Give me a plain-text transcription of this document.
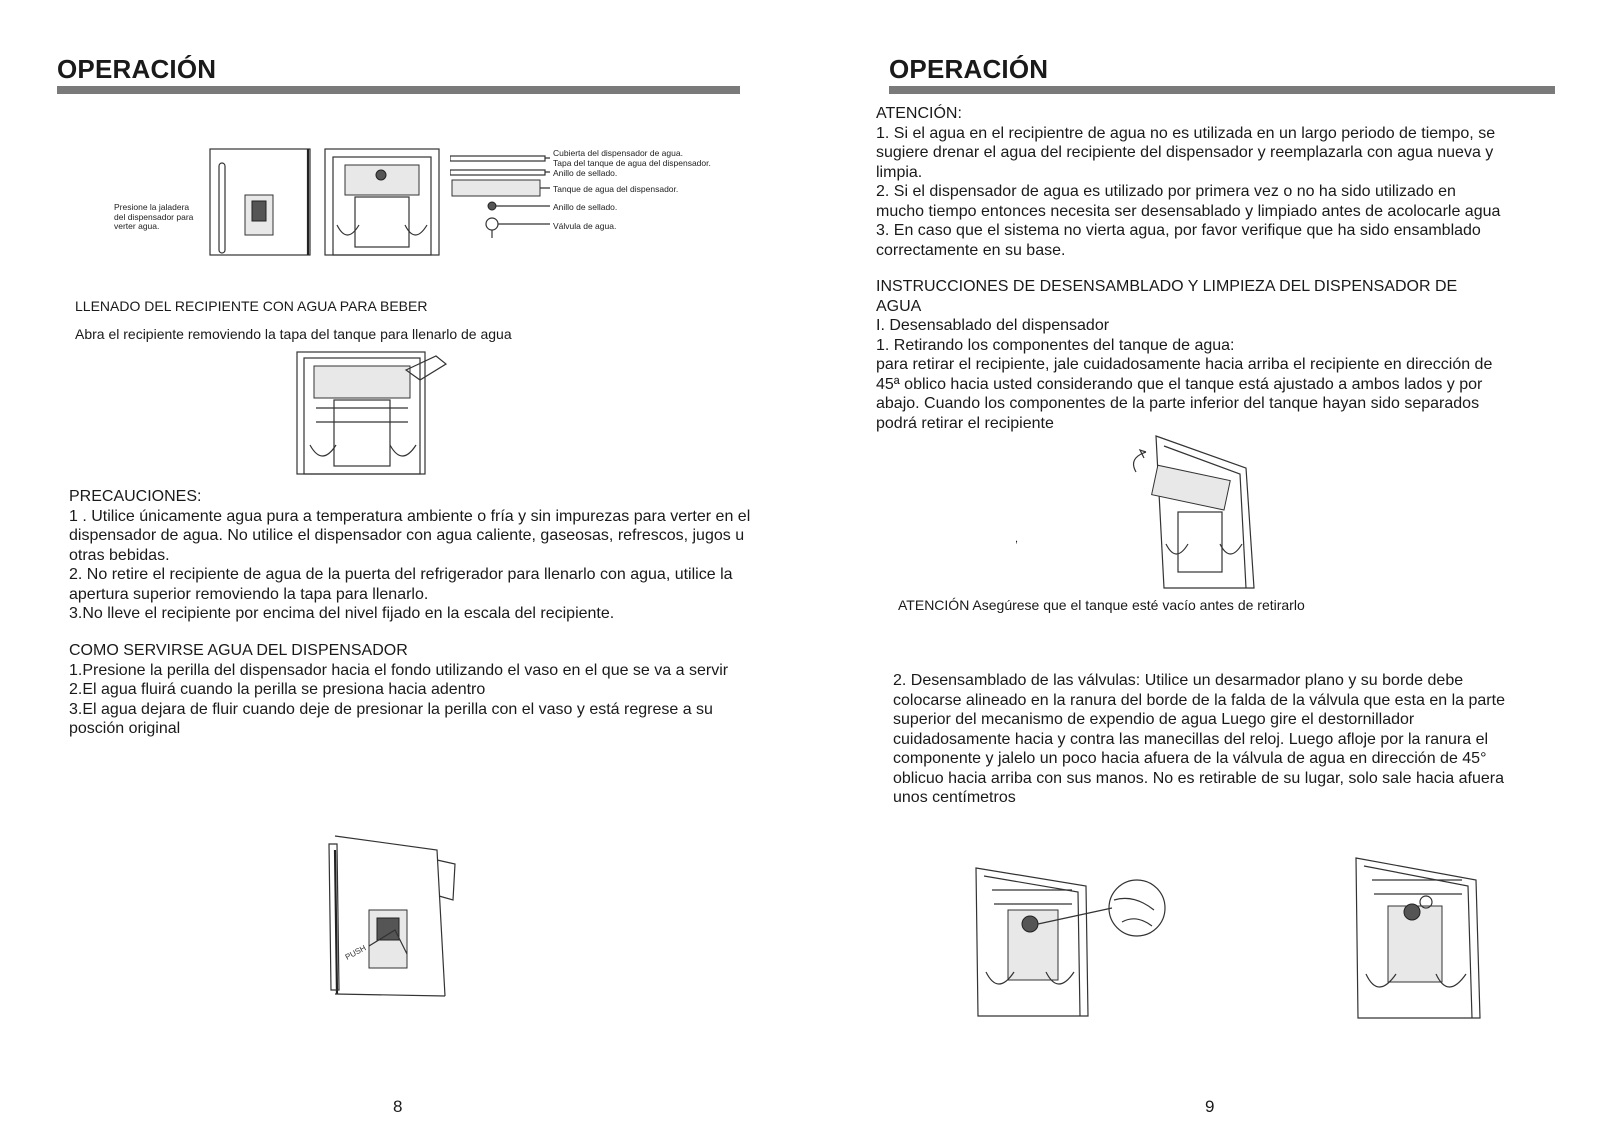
OPERACIÓN
Presione la jaladera
del dispensador para
verter agua.
Cubierta del dispensador de agua.
Tapa del tanque de agua del dispensador.
Anillo de sellado.
Tanque de agua del dispensador.
Anillo de sellado.
Válvula de agua.
LLENADO DEL RECIPIENTE CON AGUA PARA BEBER
Abra el recipiente removiendo la tapa del tanque para llenarlo de agua
PRECAUCIONES:
1 . Utilice únicamente agua pura a temperatura ambiente o fría y sin impurezas para verter en el
dispensador de agua. No utilice el dispensador con agua caliente, gaseosas, refrescos, jugos u
otras bebidas.
2. No retire el recipiente de agua de la puerta del refrigerador para llenarlo con agua, utilice la
apertura superior removiendo la tapa para llenarlo.
3.No lleve el recipiente por encima del nivel fijado en la escala del recipiente.
COMO SERVIRSE AGUA DEL DISPENSADOR
1.Presione la perilla del dispensador hacia el fondo utilizando el vaso en el que se va a servir
2.El agua fluirá cuando la perilla se presiona hacia adentro
3.El agua dejara de fluir cuando deje de presionar la perilla con el vaso y está regrese a su
posción original
PUSH
8
OPERACIÓN
ATENCIÓN:
1. Si el agua en el recipientre de agua no es utilizada en un largo periodo de tiempo, se
sugiere drenar el agua del recipiente del dispensador y reemplazarla con agua nueva y
limpia.
2. Si el dispensador de agua es utilizado por primera vez o no ha sido utilizado en
mucho tiempo entonces necesita ser desensablado y limpiado antes de acolocarle agua
3. En caso que el sistema no vierta agua, por favor verifique que ha sido ensamblado
correctamente en su base.
INSTRUCCIONES DE DESENSAMBLADO Y LIMPIEZA DEL DISPENSADOR DE
AGUA
I. Desensablado del dispensador
1. Retirando los componentes del tanque de agua:
para retirar el recipiente, jale cuidadosamente hacia arriba el recipiente en dirección de
45ª oblico hacia usted considerando que el tanque está ajustado a ambos lados y por
abajo. Cuando los componentes de la parte inferior del tanque hayan sido separados
podrá retirar el recipiente
,
ATENCIÓN Asegúrese que el tanque esté vacío antes de retirarlo
2. Desensamblado de las válvulas: Utilice un desarmador plano y su borde debe
colocarse alineado en la ranura del borde de la falda de la válvula que esta en la parte
superior del mecanismo de expendio de agua Luego gire el destornillador
cuidadosamente hacia y contra las manecillas del reloj. Luego afloje por la ranura el
componente y jalelo un poco hacia afuera de la válvula de agua en dirección de 45°
oblicuo hacia arriba con sus manos. No es retirable de su lugar, solo sale hacia afuera
unos centímetros
9
